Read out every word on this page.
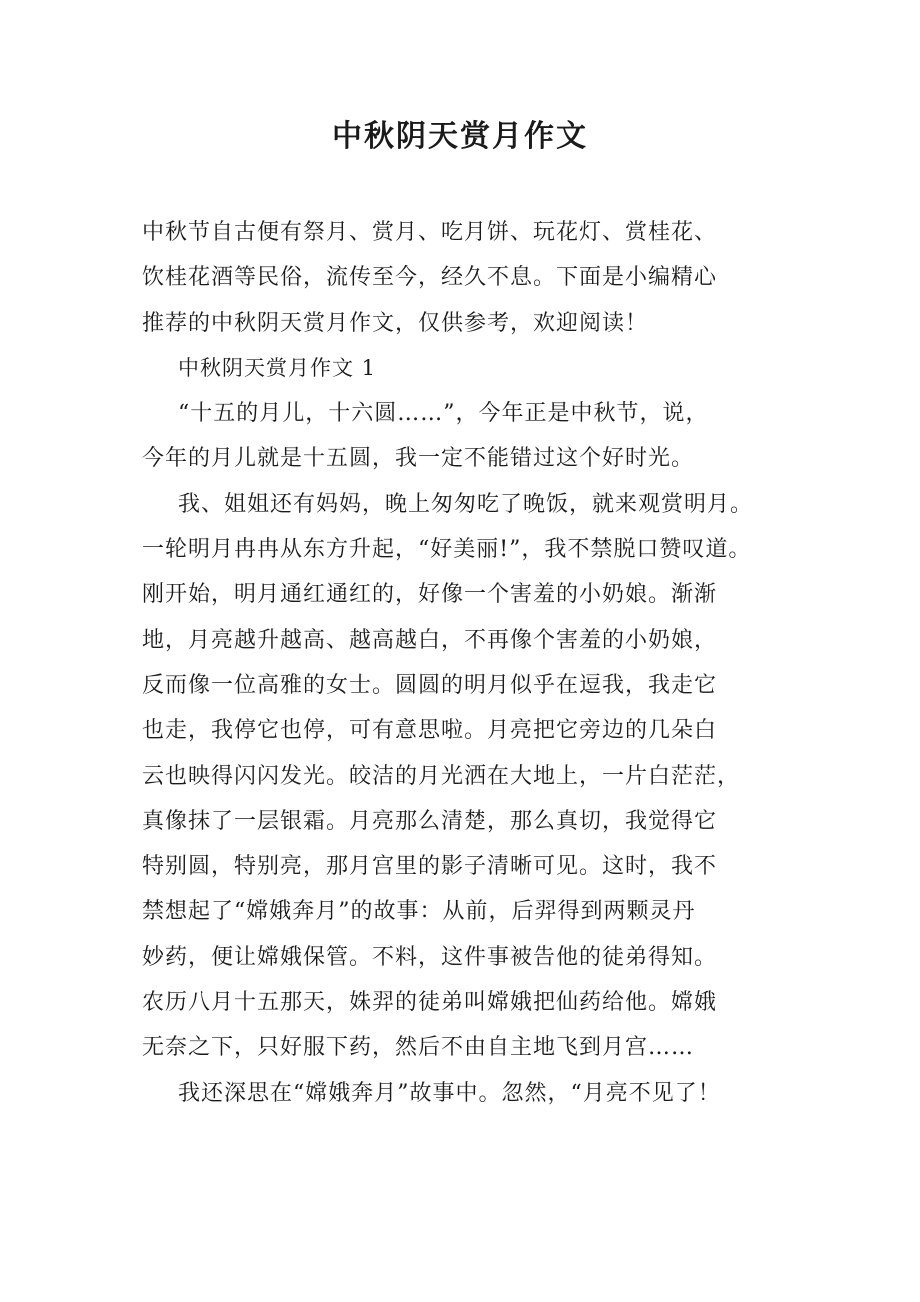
中秋阴天赏月作文
中秋节自古便有祭月、赏月、吃月饼、玩花灯、赏桂花、
饮桂花酒等民俗，流传至今，经久不息。下面是小编精心
推荐的中秋阴天赏月作文，仅供参考，欢迎阅读！
中秋阴天赏月作文 1
“十五的月儿，十六圆……”，今年正是中秋节，说，
今年的月儿就是十五圆，我一定不能错过这个好时光。
我、姐姐还有妈妈，晚上匆匆吃了晚饭，就来观赏明月。
一轮明月冉冉从东方升起，“好美丽!”，我不禁脱口赞叹道。
刚开始，明月通红通红的，好像一个害羞的小奶娘。渐渐
地，月亮越升越高、越高越白，不再像个害羞的小奶娘，
反而像一位高雅的女士。圆圆的明月似乎在逗我，我走它
也走，我停它也停，可有意思啦。月亮把它旁边的几朵白
云也映得闪闪发光。皎洁的月光洒在大地上，一片白茫茫，
真像抹了一层银霜。月亮那么清楚，那么真切，我觉得它
特别圆，特别亮，那月宫里的影子清晰可见。这时，我不
禁想起了“嫦娥奔月”的故事：从前，后羿得到两颗灵丹
妙药，便让嫦娥保管。不料，这件事被告他的徒弟得知。
农历八月十五那天，姝羿的徒弟叫嫦娥把仙药给他。嫦娥
无奈之下，只好服下药，然后不由自主地飞到月宫……
我还深思在“嫦娥奔月”故事中。忽然，“月亮不见了！
